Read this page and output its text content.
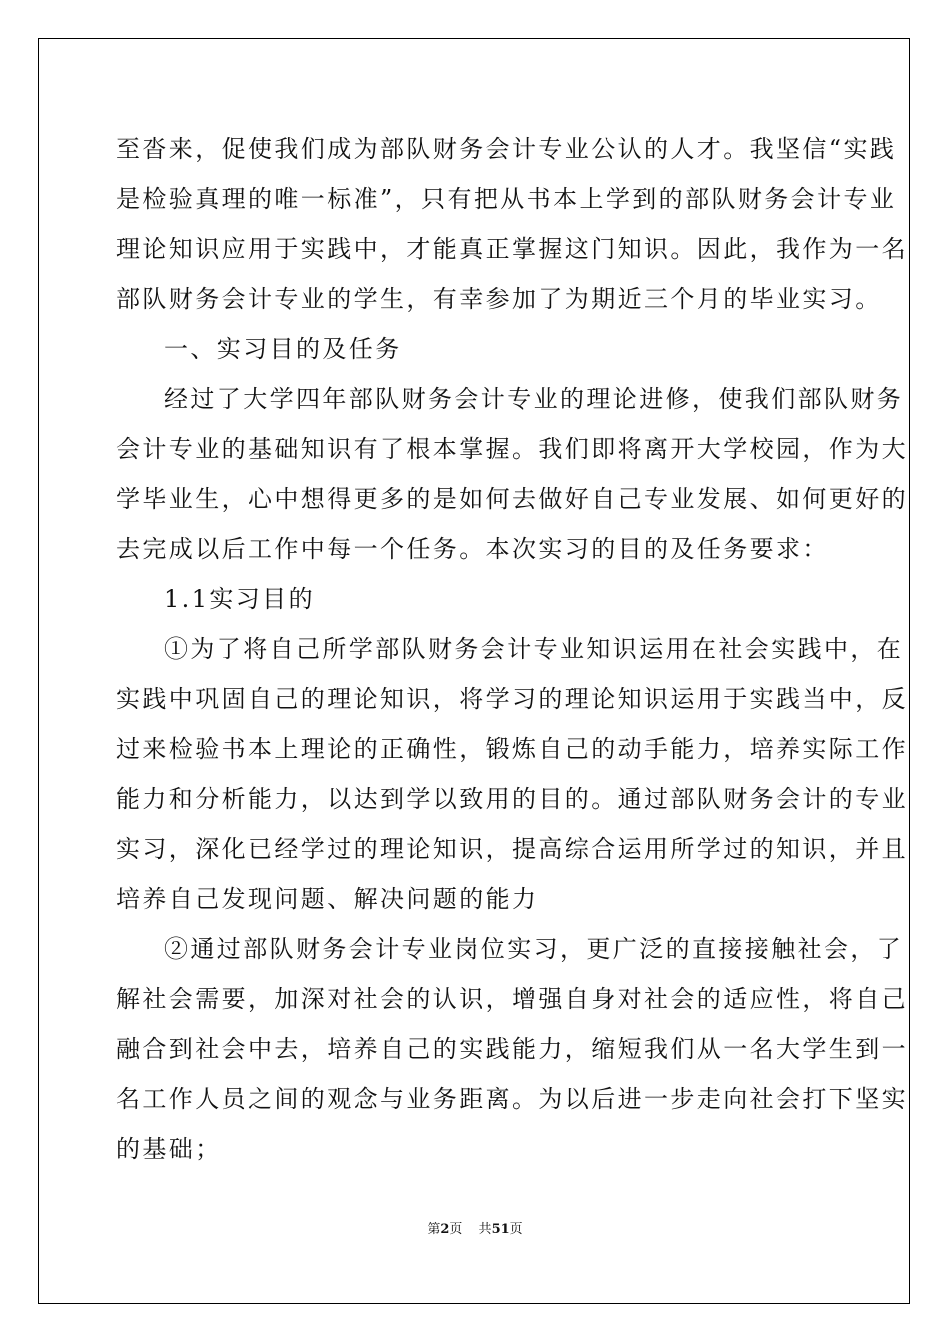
至沓来，促使我们成为部队财务会计专业公认的人才。我坚信“实践
是检验真理的唯一标准”，只有把从书本上学到的部队财务会计专业
理论知识应用于实践中，才能真正掌握这门知识。因此，我作为一名
部队财务会计专业的学生，有幸参加了为期近三个月的毕业实习。
一、实习目的及任务
经过了大学四年部队财务会计专业的理论进修，使我们部队财务
会计专业的基础知识有了根本掌握。我们即将离开大学校园，作为大
学毕业生，心中想得更多的是如何去做好自己专业发展、如何更好的
去完成以后工作中每一个任务。本次实习的目的及任务要求：
1.1实习目的
①为了将自己所学部队财务会计专业知识运用在社会实践中，在
实践中巩固自己的理论知识，将学习的理论知识运用于实践当中，反
过来检验书本上理论的正确性，锻炼自己的动手能力，培养实际工作
能力和分析能力，以达到学以致用的目的。通过部队财务会计的专业
实习，深化已经学过的理论知识，提高综合运用所学过的知识，并且
培养自己发现问题、解决问题的能力
②通过部队财务会计专业岗位实习，更广泛的直接接触社会，了
解社会需要，加深对社会的认识，增强自身对社会的适应性，将自己
融合到社会中去，培养自己的实践能力，缩短我们从一名大学生到一
名工作人员之间的观念与业务距离。为以后进一步走向社会打下坚实
的基础；
第2页 共51页
